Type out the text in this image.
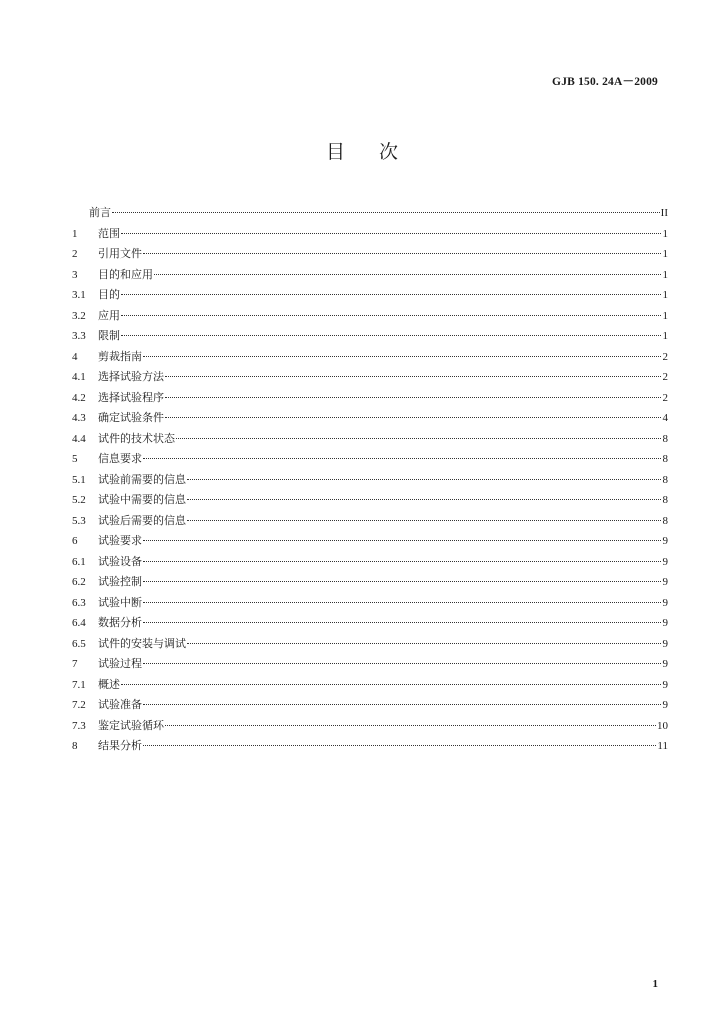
GJB 150. 24A－2009
目次
前言	II
1	范围	1
2	引用文件	1
3	目的和应用	1
3.1	目的	1
3.2	应用	1
3.3	限制	1
4	剪裁指南	2
4.1	选择试验方法	2
4.2	选择试验程序	2
4.3	确定试验条件	4
4.4	试件的技术状态	8
5	信息要求	8
5.1	试验前需要的信息	8
5.2	试验中需要的信息	8
5.3	试验后需要的信息	8
6	试验要求	9
6.1	试验设备	9
6.2	试验控制	9
6.3	试验中断	9
6.4	数据分析	9
6.5	试件的安装与调试	9
7	试验过程	9
7.1	概述	9
7.2	试验准备	9
7.3	鉴定试验循环	10
8	结果分析	11
1
